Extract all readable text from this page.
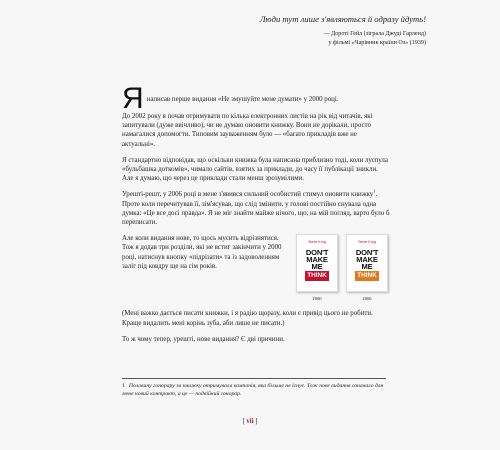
Люди тут лише з'являються й одразу йдуть!

— Дороті Гейл (зіграла Джуді Гарленд)
у фільмі «Чарівник країни Оз» (1939)
Я написав перше видання «Не змушуйте мене думати» у 2000 році.

До 2002 року я почав отримувати по кілька електронних листів на рік від читачів, які запитували (дуже ввічливо), чи не думаю оновити книжку. Вони не дорікали, просто намагалися допомогти. Типовим зауваженням було — «багато прикладів вже не актуальні».

Я стандартно відповідав, що оскільки книжка була написана приблизно тоді, коли лусnула «бульбашка доткомів», чимало сайтів, взятих за приклади, до часу її публікації зникли. Але я думаю, що через це приклади стали менш зрозумілими.

Урешті-решт, у 2006 році в мене з'явився сильний особистий стимул оновити книжку$^1$. Проте коли перечитував її, зім'ясував, що слід змінити, у голові постійно снувала одна думка: «Це все досі правда». Я не міг знайти майже нічого, що, на мій погляд, варто було б переписати.

Але коли видання нове, то щось мусить відрізнятися. Тож я додав три розділи, які не встиг закінчити у 2000 році, натиснув кнопку «підрізати» та із задоволенням заліг під ковдру ще на сім років.

Steve Krug
DON'T
MAKE
ME
THINK
2000
Steve Krug
DON'T
MAKE
ME
THINK
2006

(Мені важко дається писати книжки, і я радію щоразу, коли є привід цього не робити. Краще видалить мені корінь зуба, аби лише не писати.)

То ж чому тепер, урешті, нове видання? Є дві причини.

1 Половину гонорару за книжку отримувала компанія, яка більше не існує. Тож нове видання означало для мене новий контракт, а це — подвійний гонорар.
[ vii ]
